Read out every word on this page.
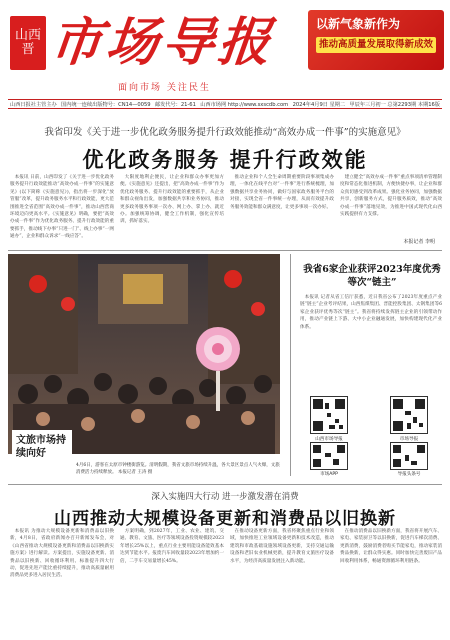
山西
晋 市场导报
面向市场 关注民生
以新气象新作为
推动高质量发展取得新成效
山西日报社主管主办 国内统一连续出版物号：CN14—0059 邮发代号：21-61 山西市场网 http://www.sxscdb.com 2024年4月9日 星期二 甲辰年三月初一 总第2293期 本期16版
我省印发《关于进一步优化政务服务提升行政效能推动“高效办成一件事”的实施意见》
优化政务服务 提升行政效能

本报讯 日前，山西印发了《关于进一步优化政务服务提升行政效能推动“高效办成一件事”的实施意见》(以下简称《实施意见》)，指出将一步深化“放管服”改革，提升政务服务水平和行政效能，更大范围推进全省范围“高效办成一件事”，推动山西营商环境迈向更高水平。《实施意见》明确，要把“高效办成一件事”作为优化政务服务、提升行政效能的重要抓手，推动线下办事“只进一门”、线上办事“一网通办”，企业和群众诉求“一线应答”。

大限度地利企便民，让企业和群众办事更加方便。《实施意见》还提出，把“高效办成一件事”作为优化政务服务、提升行政效能的重要抓手，从企业和群众视角出发，加强数据共享和业务协同，推动更多政务服务事项一次办、网上办、掌上办、就近办。加强统筹协调，健全工作机制，强化宣传培训，抓好落实。

推动企业和个人全生命周期重要阶段事项集成办理，一体化在线平台对“一件事”进行系统梳理，加强数据共享业务协同，做好与国家政务服务平台的对接，实现全省一件事统一办理，从而有效提升政务服务效能和群众满意度，让更多事项一次办好。

建立健全“高效办成一件事”重点事项清单管理制度和常态化推进机制，方便快捷办事，让企业和群众真切感受到改革成果。强化业务协同，加强数据共享，创新服务方式，提升服务质效，推动“高效办成一件事”落地见效，为推进中国式现代化山西实践提供有力支撑。

本报记者 李明
文旅市场持续向好
4月6日，游客在太原市钟楼街游览。清明假期，我省文旅市场持续升温，各大景区景点人气火爆，文旅消费活力持续释放。 本报记者 王涛 摄
我省6家企业获评2023年度优秀等次“链主”

本报讯 记者从省工信厅获悉，近日我省公布了2023年度重点产业链“链主”企业考评结果，山西焦煤集团、晋能控股集团、太钢集团等6家企业获评优秀等次“链主”。我省将持续发挥链主企业的引领带动作用，推动产业链上下游、大中小企业融通发展，加快构建现代化产业体系。

山西市场导报	市场导报
市场APP	导报头条号
深入实施四大行动 进一步激发潜在消费
山西推动大规模设备更新和消费品以旧换新

本报讯 为推动大规模设备更新和消费品以旧换新，4月8日，省政府新闻办召开新闻发布会，对《山西省推动大规模设备更新和消费品以旧换新实施方案》进行解读。方案提出，实施设备更新、消费品以旧换新、回收循环利用、标准提升四大行动，促进先进产能比重持续提升，推动高质量耐用消费品更多进入居民生活。

方案明确，到2027年，工业、农业、建筑、交通、教育、文旅、医疗等领域设备投资规模较2023年增长25%以上，重点行业主要用能设备能效基本达到节能水平。报废汽车回收量较2023年增加约一倍，二手车交易量增长45%。

在推动设备更新方面，我省将聚焦重点行业和领域，加快推进工业领域设备更新和技术改造，推动建筑和市政基础设施领域设备更新，支持交通运输设备和老旧农业机械更新，提升教育文旅医疗设备水平，为经济高质量发展注入新动能。

在推动消费品以旧换新方面，我省将开展汽车、家电、家装厨卫等以旧换新，促进汽车梯次消费、更新消费，鼓励消费者购买节能家电，推动家装消费品换新，让群众得实惠。同时加快完善废旧产品回收利用体系，畅通资源循环利用链条。
